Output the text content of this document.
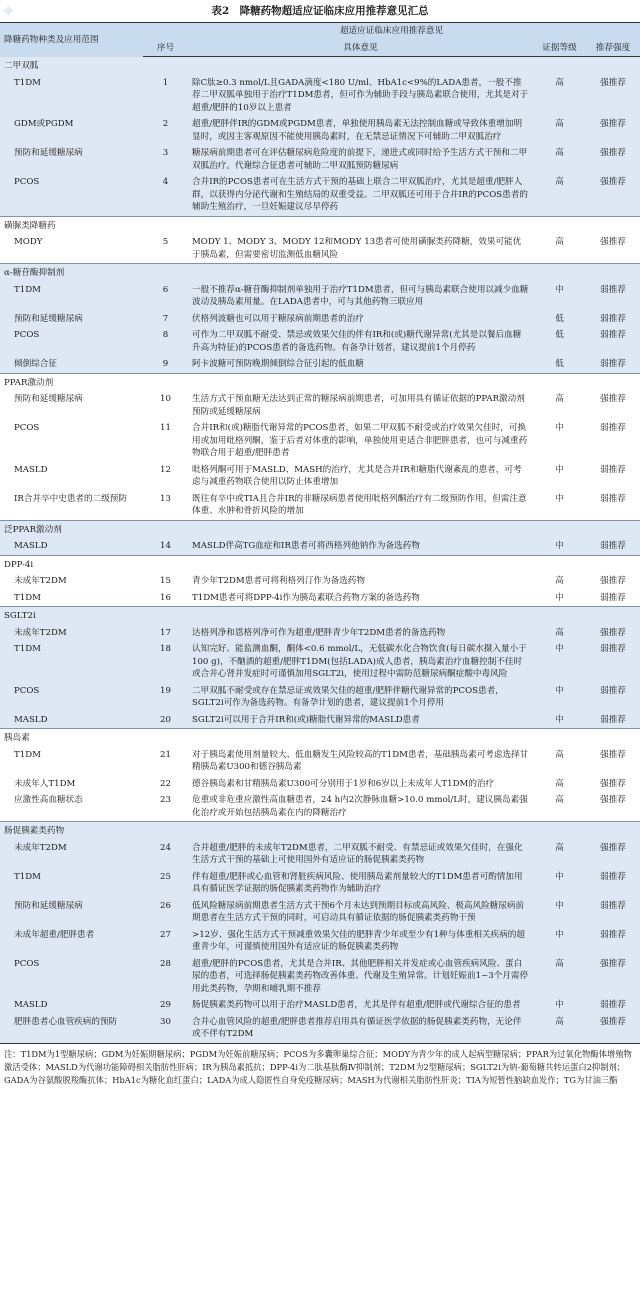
✦	表2　降糖药物超适应证临床应用推荐意见汇总
降糖药物种类及应用范围	超适应证临床应用推荐意见			
	序号	具体意见	证据等级	推荐强度
二甲双胍				
T1DM	1	除C肽≥0.3 nmol/L且GADA滴度<180 U/ml、HbA1c<9%的LADA患者，一般不推荐二甲双胍单独用于治疗T1DM患者，但可作为辅助手段与胰岛素联合使用，尤其是对于超重/肥胖的10岁以上患者	高	强推荐
GDM或PGDM	2	超重/肥胖伴IR的GDM或PGDM患者，单独使用胰岛素无法控制血糖或导致体重增加明显时，或因主客观原因不能使用胰岛素时，在无禁忌证情况下可辅助二甲双胍治疗	高	强推荐
预防和延缓糖尿病	3	糖尿病前期患者可在评估糖尿病危险度的前提下，递进式或同时给予生活方式干预和二甲双胍治疗。代谢综合征患者可辅助二甲双胍预防糖尿病	高	强推荐
PCOS	4	合并IR的PCOS患者可在生活方式干预的基础上联合二甲双胍治疗，尤其是超重/肥胖人群，以获得内分泌代谢和生殖结局的双重受益。二甲双胍还可用于合并IR的PCOS患者的辅助生殖治疗，一旦妊娠建议尽早停药	高	强推荐
磺脲类降糖药				
MODY	5	MODY 1、MODY 3、MODY 12和MODY 13患者可使用磺脲类药降糖，效果可能优于胰岛素，但需要密切监测低血糖风险	高	强推荐
α-糖苷酶抑制剂				
T1DM	6	一般不推荐α-糖苷酶抑制剂单独用于治疗T1DM患者，但可与胰岛素联合使用以减少血糖波动及胰岛素用量。在LADA患者中，可与其他药物三联应用	中	弱推荐
预防和延缓糖尿病	7	伏格列波糖也可以用于糖尿病前期患者的治疗	低	弱推荐
PCOS	8	可作为二甲双胍不耐受、禁忌或效果欠佳的伴有IR和(或)糖代谢异常(尤其是以餐后血糖升高为特征)的PCOS患者的备选药物。有备孕计划者，建议提前1个月停药	低	弱推荐
倾倒综合征	9	阿卡波糖可预防晚期倾倒综合征引起的低血糖	低	弱推荐
PPAR激动剂				
预防和延缓糖尿病	10	生活方式干预血糖无法达到正常的糖尿病前期患者，可加用具有循证依据的PPAR激动剂预防或延缓糖尿病	高	强推荐
PCOS	11	合并IR和(或)糖脂代谢异常的PCOS患者，如果二甲双胍不耐受或治疗效果欠佳时，可换用或加用吡格列酮，鉴于后者对体重的影响，单独使用更适合非肥胖患者，也可与减重药物联合用于超重/肥胖患者	中	弱推荐
MASLD	12	吡格列酮可用于MASLD、MASH的治疗，尤其是合并IR和糖脂代谢紊乱的患者，可考虑与减重药物联合使用以防止体重增加	中	弱推荐
IR合并卒中史患者的二级预防	13	既往有卒中或TIA且合并IR的非糖尿病患者使用吡格列酮治疗有二级预防作用，但需注意体重、水肿和骨折风险的增加	中	弱推荐
泛PPAR激动剂				
MASLD	14	MASLD伴高TG血症和IR患者可将西格列他钠作为备选药物	中	弱推荐
DPP-4i				
未成年T2DM	15	青少年T2DM患者可将利格列汀作为备选药物	高	强推荐
T1DM	16	T1DM患者可将DPP-4i作为胰岛素联合药物方案的备选药物	中	弱推荐
SGLT2i				
未成年T2DM	17	达格列净和恩格列净可作为超重/肥胖青少年T2DM患者的备选药物	高	强推荐
T1DM	18	认知完好、能监测血酮，酮体<0.6 mmol/L，无低碳水化合物饮食(每日碳水摄入量小于100 g)，不酗酒的超重/肥胖T1DM(包括LADA)成人患者，胰岛素治疗血糖控制不佳时或合并心肾并发症时可谨慎加用SGLT2i，使用过程中需防范糖尿病酮症酸中毒风险	中	弱推荐
PCOS	19	二甲双胍不耐受或存在禁忌证或效果欠佳的超重/肥胖伴糖代谢异常的PCOS患者，SGLT2i可作为备选药物。有备孕计划的患者，建议提前1个月停用	中	弱推荐
MASLD	20	SGLT2i可以用于合并IR和(或)糖脂代谢异常的MASLD患者	中	弱推荐
胰岛素				
T1DM	21	对于胰岛素使用剂量较大、低血糖发生风险较高的T1DM患者，基础胰岛素可考虑选择甘精胰岛素U300和德谷胰岛素	高	强推荐
未成年人T1DM	22	德谷胰岛素和甘精胰岛素U300可分别用于1岁和6岁以上未成年人T1DM的治疗	高	强推荐
应激性高血糖状态	23	危重或非危重应激性高血糖患者，24 h内2次静脉血糖>10.0 mmol/L时，建议胰岛素强化治疗或开始包括胰岛素在内的降糖治疗	高	强推荐
肠促胰素类药物				
未成年T2DM	24	合并超重/肥胖的未成年T2DM患者，二甲双胍不耐受、有禁忌证或效果欠佳时，在强化生活方式干预的基础上可使用国外有适应证的肠促胰素类药物	高	强推荐
T1DM	25	伴有超重/肥胖或心血管和肾脏疾病风险、使用胰岛素剂量较大的T1DM患者可酌情加用具有循证医学证据的肠促胰素类药物作为辅助治疗	中	弱推荐
预防和延缓糖尿病	26	低风险糖尿病前期患者生活方式干预6个月未达到预期目标或高风险、极高风险糖尿病前期患者在生活方式干预的同时，可启动具有循证依据的肠促胰素类药物干预	中	弱推荐
未成年超重/肥胖患者	27	>12岁、强化生活方式干预减重效果欠佳的肥胖青少年或至少有1种与体重相关疾病的超重青少年，可谨慎使用国外有适应证的肠促胰素类药物	中	弱推荐
PCOS	28	超重/肥胖的PCOS患者，尤其是合并IR、其他肥胖相关并发症或心血管疾病风险、蛋白尿的患者，可选择肠促胰素类药物改善体重、代谢及生殖异常。计划妊娠前1~3个月需停用此类药物，孕期和哺乳期不推荐	高	强推荐
MASLD	29	肠促胰素类药物可以用于治疗MASLD患者，尤其是伴有超重/肥胖或代谢综合征的患者	中	弱推荐
肥胖患者心血管疾病的预防	30	合并心血管风险的超重/肥胖患者推荐启用具有循证医学依据的肠促胰素类药物，无论伴或不伴有T2DM	高	强推荐
注：T1DM为1型糖尿病；GDM为妊娠期糖尿病；PGDM为妊娠前糖尿病；PCOS为多囊卵巢综合征；MODY为青少年的成人起病型糖尿病；PPAR为过氧化物酶体增殖物激活受体；MASLD为代谢功能障碍相关脂肪性肝病；IR为胰岛素抵抗；DPP-4i为二肽基肽酶Ⅳ抑制剂；T2DM为2型糖尿病；SGLT2i为钠-葡萄糖共转运蛋白2抑制剂；GADA为谷氨酸脱羧酶抗体；HbA1c为糖化血红蛋白；LADA为成人隐匿性自身免疫糖尿病；MASH为代谢相关脂肪性肝炎；TIA为短暂性脑缺血发作；TG为甘油三酯
